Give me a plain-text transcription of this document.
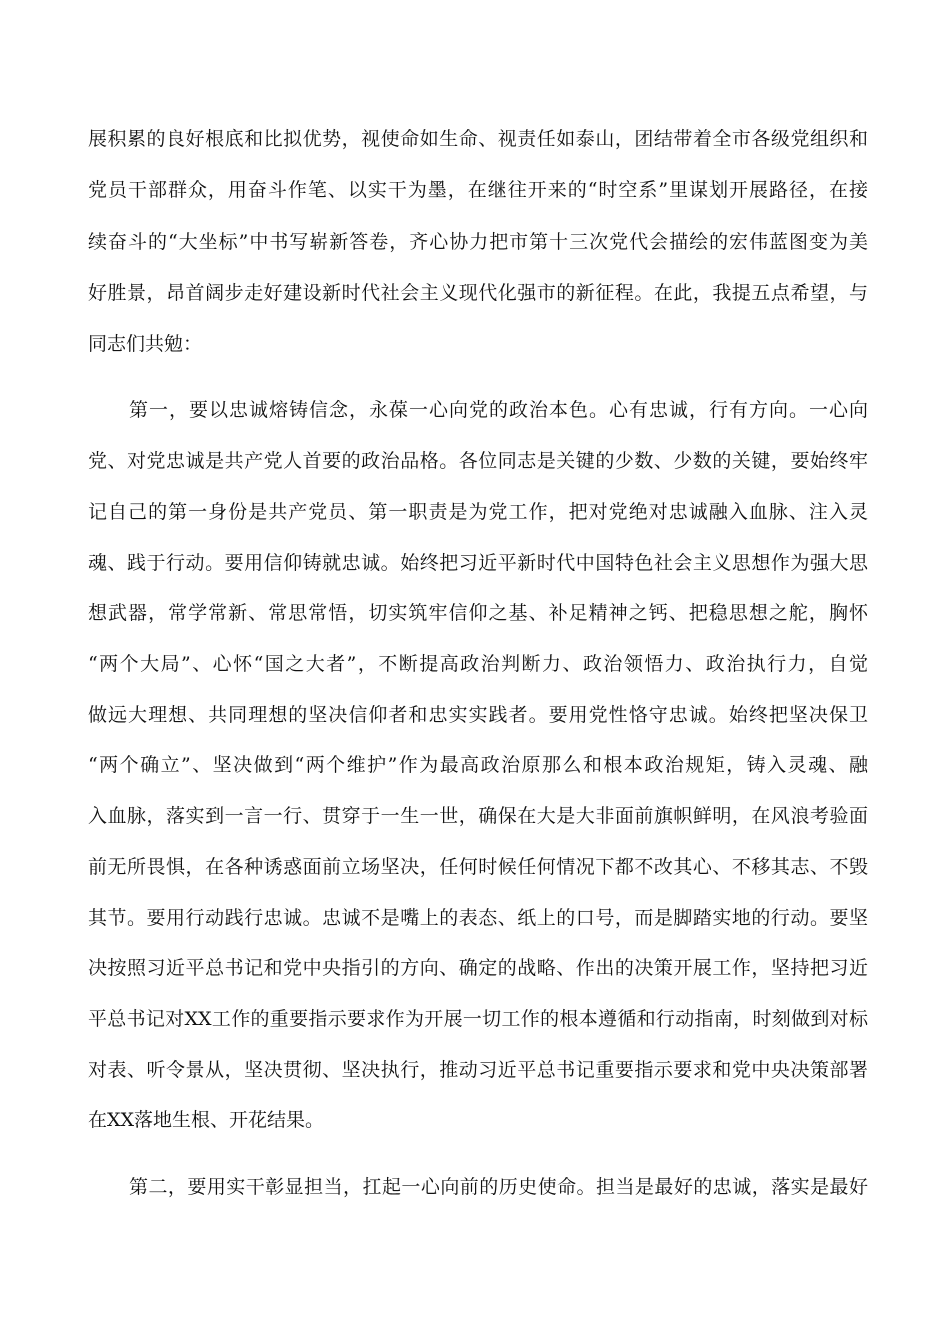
展积累的良好根底和比拟优势，视使命如生命、视责任如泰山，团结带着全市各级党组织和
党员干部群众，用奋斗作笔、以实干为墨，在继往开来的“时空系”里谋划开展路径，在接
续奋斗的“大坐标”中书写崭新答卷，齐心协力把市第十三次党代会描绘的宏伟蓝图变为美
好胜景，昂首阔步走好建设新时代社会主义现代化强市的新征程。在此，我提五点希望，与
同志们共勉：
第一，要以忠诚熔铸信念，永葆一心向党的政治本色。心有忠诚，行有方向。一心向
党、对党忠诚是共产党人首要的政治品格。各位同志是关键的少数、少数的关键，要始终牢
记自己的第一身份是共产党员、第一职责是为党工作，把对党绝对忠诚融入血脉、注入灵
魂、践于行动。要用信仰铸就忠诚。始终把习近平新时代中国特色社会主义思想作为强大思
想武器，常学常新、常思常悟，切实筑牢信仰之基、补足精神之钙、把稳思想之舵，胸怀
“两个大局”、心怀“国之大者”，不断提高政治判断力、政治领悟力、政治执行力，自觉
做远大理想、共同理想的坚决信仰者和忠实实践者。要用党性恪守忠诚。始终把坚决保卫
“两个确立”、坚决做到“两个维护”作为最高政治原那么和根本政治规矩，铸入灵魂、融
入血脉，落实到一言一行、贯穿于一生一世，确保在大是大非面前旗帜鲜明，在风浪考验面
前无所畏惧，在各种诱惑面前立场坚决，任何时候任何情况下都不改其心、不移其志、不毁
其节。要用行动践行忠诚。忠诚不是嘴上的表态、纸上的口号，而是脚踏实地的行动。要坚
决按照习近平总书记和党中央指引的方向、确定的战略、作出的决策开展工作，坚持把习近
平总书记对XX工作的重要指示要求作为开展一切工作的根本遵循和行动指南，时刻做到对标
对表、听令景从，坚决贯彻、坚决执行，推动习近平总书记重要指示要求和党中央决策部署
在XX落地生根、开花结果。
第二，要用实干彰显担当，扛起一心向前的历史使命。担当是最好的忠诚，落实是最好
